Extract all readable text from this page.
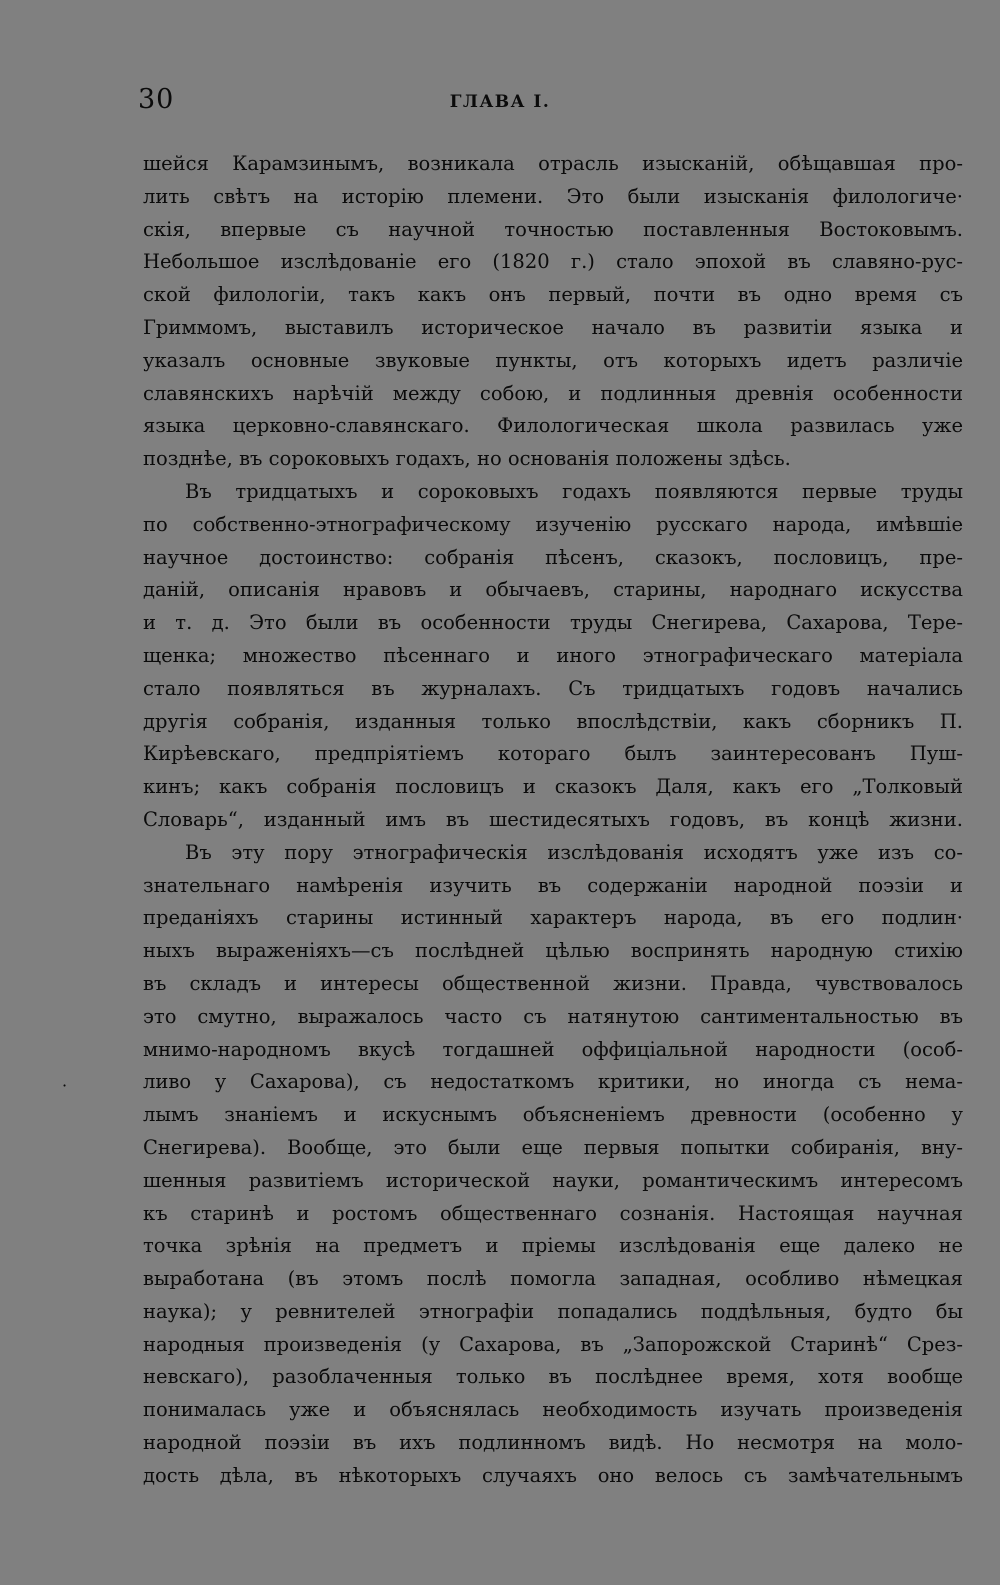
30	ГЛАВА I.

шейся Карамзинымъ, возникала отрасль изысканій, обѣщавшая про-
лить свѣтъ на исторію племени. Это были изысканія филологиче·
скія, впервые съ научной точностью поставленныя Востоковымъ.
Небольшое изслѣдованіе его (1820 г.) стало эпохой въ славяно-рус-
ской филологіи, такъ какъ онъ первый, почти въ одно время съ
Гриммомъ, выставилъ историческое начало въ развитіи языка и
указалъ основные звуковые пункты, отъ которыхъ идетъ различіе
славянскихъ нарѣчій между собою, и подлинныя древнія особенности
языка церковно-славянскаго. Филологическая школа развилась уже
позднѣе, въ сороковыхъ годахъ, но основанія положены здѣсь.

Въ тридцатыхъ и сороковыхъ годахъ появляются первые труды
по собственно-этнографическому изученію русскаго народа, имѣвшіе
научное достоинство: собранія пѣсенъ, сказокъ, пословицъ, пре-
даній, описанія нравовъ и обычаевъ, старины, народнаго искусства
и т. д. Это были въ особенности труды Снегирева, Сахарова, Тере-
щенка; множество пѣсеннаго и иного этнографическаго матеріала
стало появляться въ журналахъ. Съ тридцатыхъ годовъ начались
другія собранія, изданныя только впослѣдствіи, какъ сборникъ П.
Кирѣевскаго, предпріятіемъ котораго былъ заинтересованъ Пуш-
кинъ; какъ собранія пословицъ и сказокъ Даля, какъ его „Толковый
Словарь“, изданный имъ въ шестидесятыхъ годовъ, въ концѣ жизни.

Въ эту пору этнографическія изслѣдованія исходятъ уже изъ со-
знательнаго намѣренія изучить въ содержаніи народной поэзіи и
преданіяхъ старины истинный характеръ народа, въ его подлин·
ныхъ выраженіяхъ—съ послѣдней цѣлью воспринять народную стихію
въ складъ и интересы общественной жизни. Правда, чувствовалось
это смутно, выражалось часто съ натянутою сантиментальностью въ
мнимо-народномъ вкусѣ тогдашней оффиціальной народности (особ-
ливо у Сахарова), съ недостаткомъ критики, но иногда съ нема-
лымъ знаніемъ и искуснымъ объясненіемъ древности (особенно у
Снегирева). Вообще, это были еще первыя попытки собиранія, вну-
шенныя развитіемъ исторической науки, романтическимъ интересомъ
къ старинѣ и ростомъ общественнаго сознанія. Настоящая научная
точка зрѣнія на предметъ и пріемы изслѣдованія еще далеко не
выработана (въ этомъ послѣ помогла западная, особливо нѣмецкая
наука); у ревнителей этнографіи попадались поддѣльныя, будто бы
народныя произведенія (у Сахарова, въ „Запорожской Старинѣ“ Срез-
невскаго), разоблаченныя только въ послѣднее время, хотя вообще
понималась уже и объяснялась необходимость изучать произведенія
народной поэзіи въ ихъ подлинномъ видѣ. Но несмотря на моло-
дость дѣла, въ нѣкоторыхъ случаяхъ оно велось съ замѣчательнымъ

·
